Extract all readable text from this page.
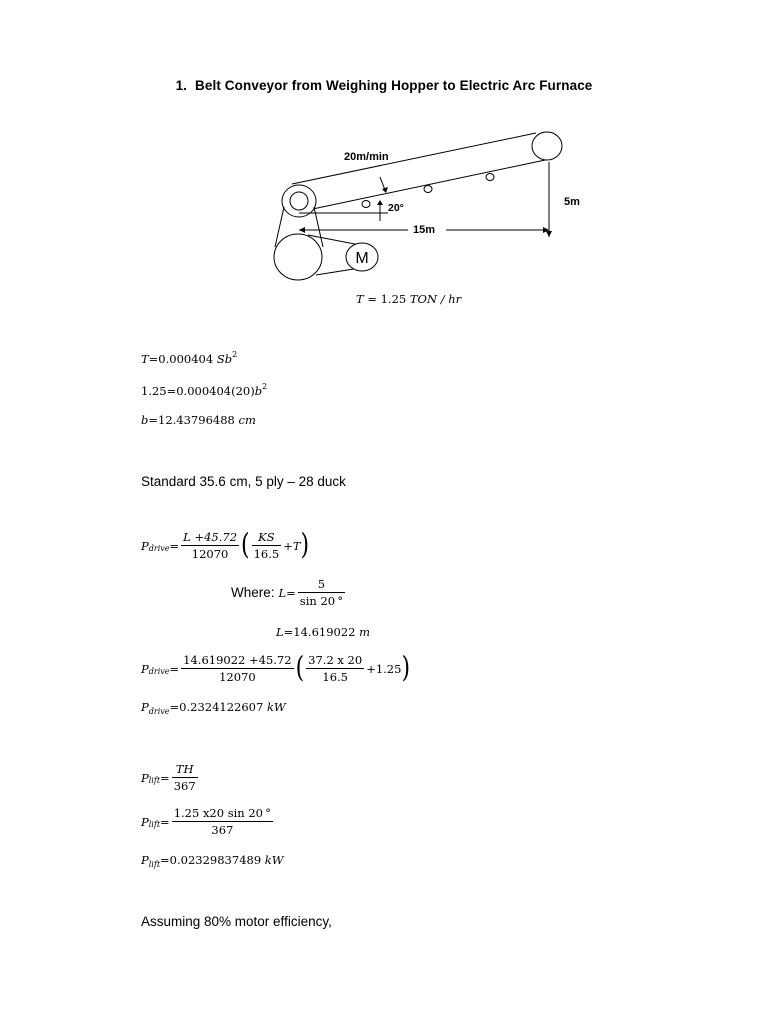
1. Belt Conveyor from Weighing Hopper to Electric Arc Furnace
M
5m
15m
20°
20m/min
T = 1.25 TON / hr
T=0.000404 Sb$^2$
$1.25=0.000404(20)b^2$
b=12.43796488 cm
Standard 35.6 cm, 5 ply – 28 duck
P drive = $\frac{L +45.72}{12070}$ ( $\frac{KS}{16.5} +T$ )
Where: $L= \frac{5}{\sin 20 ^\circ}$
L=14.619022 m
P drive = $\frac{14.619022 +45.72}{12070}$ ( $\frac{37.2 x 20}{16.5} +1.25$ )
$P_{drive}=0.2324122607$ kW
P lift = $\frac{TH}{367}$
P lift = $\frac{1.25 x20 \sin 20 ^\circ}{367}$
$P_{lift}=0.02329837489$ kW
Assuming 80% motor efficiency,
